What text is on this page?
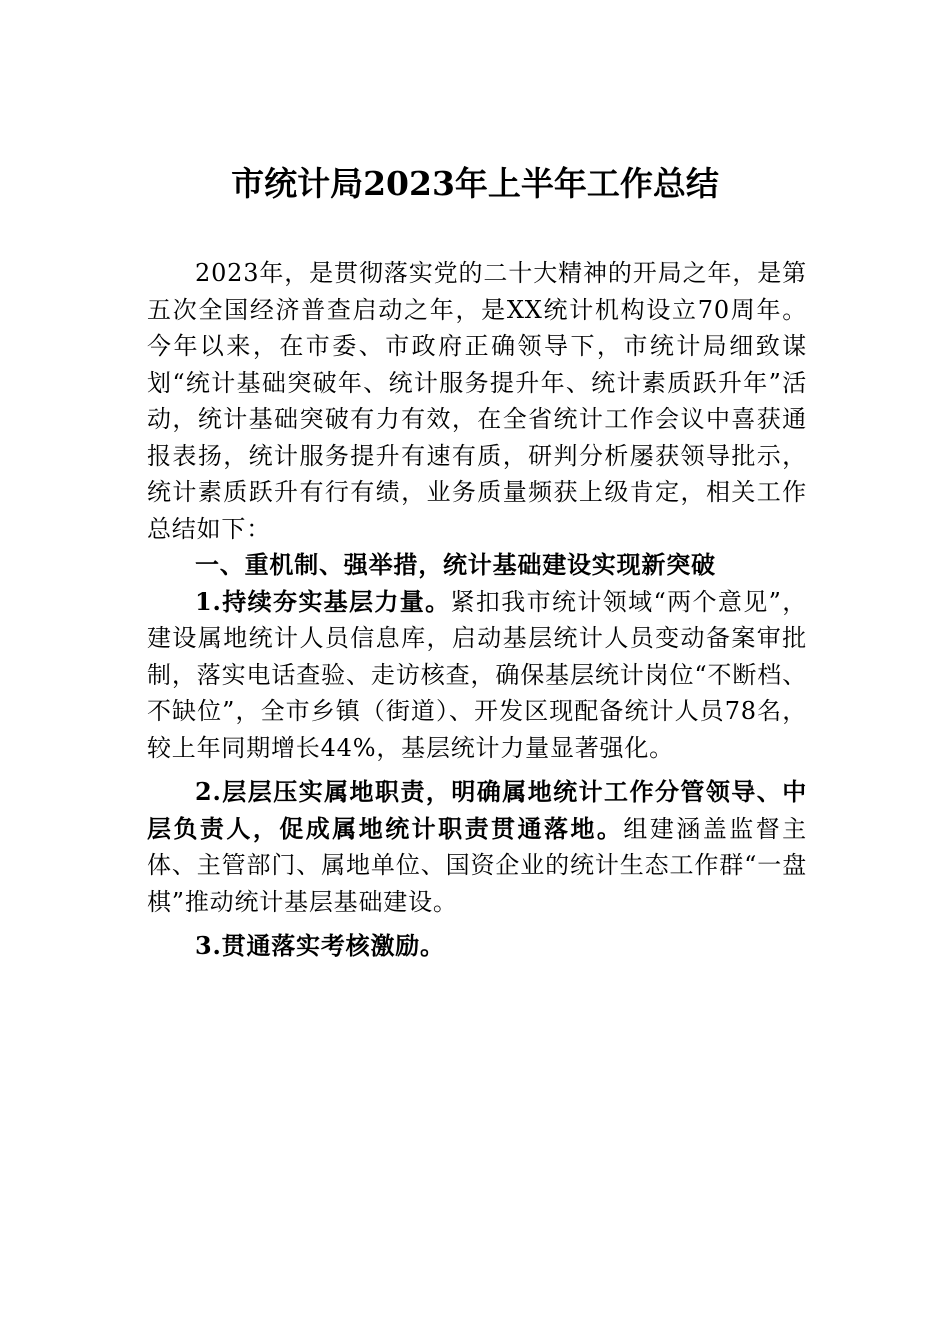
市统计局2023年上半年工作总结

2023年，是贯彻落实党的二十大精神的开局之年，是第五次全国经济普查启动之年，是XX统计机构设立70周年。今年以来，在市委、市政府正确领导下，市统计局细致谋划“统计基础突破年、统计服务提升年、统计素质跃升年”活动，统计基础突破有力有效，在全省统计工作会议中喜获通报表扬，统计服务提升有速有质，研判分析屡获领导批示，统计素质跃升有行有绩，业务质量频获上级肯定，相关工作总结如下：

一、重机制、强举措，统计基础建设实现新突破

1.持续夯实基层力量。紧扣我市统计领域“两个意见”，建设属地统计人员信息库，启动基层统计人员变动备案审批制，落实电话查验、走访核查，确保基层统计岗位“不断档、不缺位”，全市乡镇（街道）、开发区现配备统计人员78名，较上年同期增长44%，基层统计力量显著强化。

2.层层压实属地职责，明确属地统计工作分管领导、中层负责人，促成属地统计职责贯通落地。组建涵盖监督主体、主管部门、属地单位、国资企业的统计生态工作群“一盘棋”推动统计基层基础建设。

3.贯通落实考核激励。
